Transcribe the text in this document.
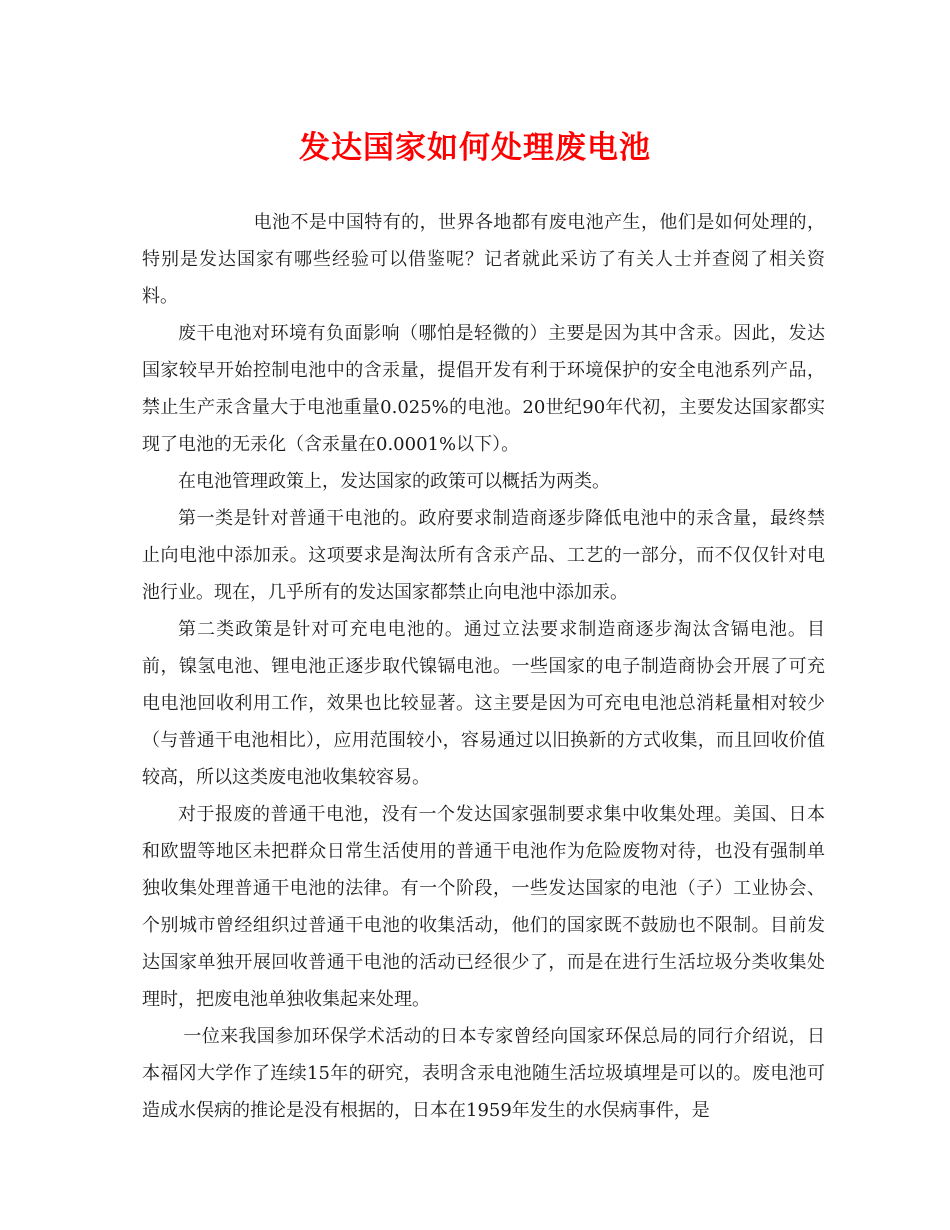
发达国家如何处理废电池

电池不是中国特有的，世界各地都有废电池产生，他们是如何处理的，特别是发达国家有哪些经验可以借鉴呢？记者就此采访了有关人士并查阅了相关资料。

废干电池对环境有负面影响（哪怕是轻微的）主要是因为其中含汞。因此，发达国家较早开始控制电池中的含汞量，提倡开发有利于环境保护的安全电池系列产品，禁止生产汞含量大于电池重量0.025%的电池。20世纪90年代初，主要发达国家都实现了电池的无汞化（含汞量在0.0001%以下）。

在电池管理政策上，发达国家的政策可以概括为两类。

第一类是针对普通干电池的。政府要求制造商逐步降低电池中的汞含量，最终禁止向电池中添加汞。这项要求是淘汰所有含汞产品、工艺的一部分，而不仅仅针对电池行业。现在，几乎所有的发达国家都禁止向电池中添加汞。

第二类政策是针对可充电电池的。通过立法要求制造商逐步淘汰含镉电池。目前，镍氢电池、锂电池正逐步取代镍镉电池。一些国家的电子制造商协会开展了可充电电池回收利用工作，效果也比较显著。这主要是因为可充电电池总消耗量相对较少（与普通干电池相比），应用范围较小，容易通过以旧换新的方式收集，而且回收价值较高，所以这类废电池收集较容易。

对于报废的普通干电池，没有一个发达国家强制要求集中收集处理。美国、日本和欧盟等地区未把群众日常生活使用的普通干电池作为危险废物对待，也没有强制单独收集处理普通干电池的法律。有一个阶段，一些发达国家的电池（子）工业协会、个别城市曾经组织过普通干电池的收集活动，他们的国家既不鼓励也不限制。目前发达国家单独开展回收普通干电池的活动已经很少了，而是在进行生活垃圾分类收集处理时，把废电池单独收集起来处理。

一位来我国参加环保学术活动的日本专家曾经向国家环保总局的同行介绍说，日本福冈大学作了连续15年的研究，表明含汞电池随生活垃圾填埋是可以的。废电池可造成水俣病的推论是没有根据的，日本在1959年发生的水俣病事件，是
